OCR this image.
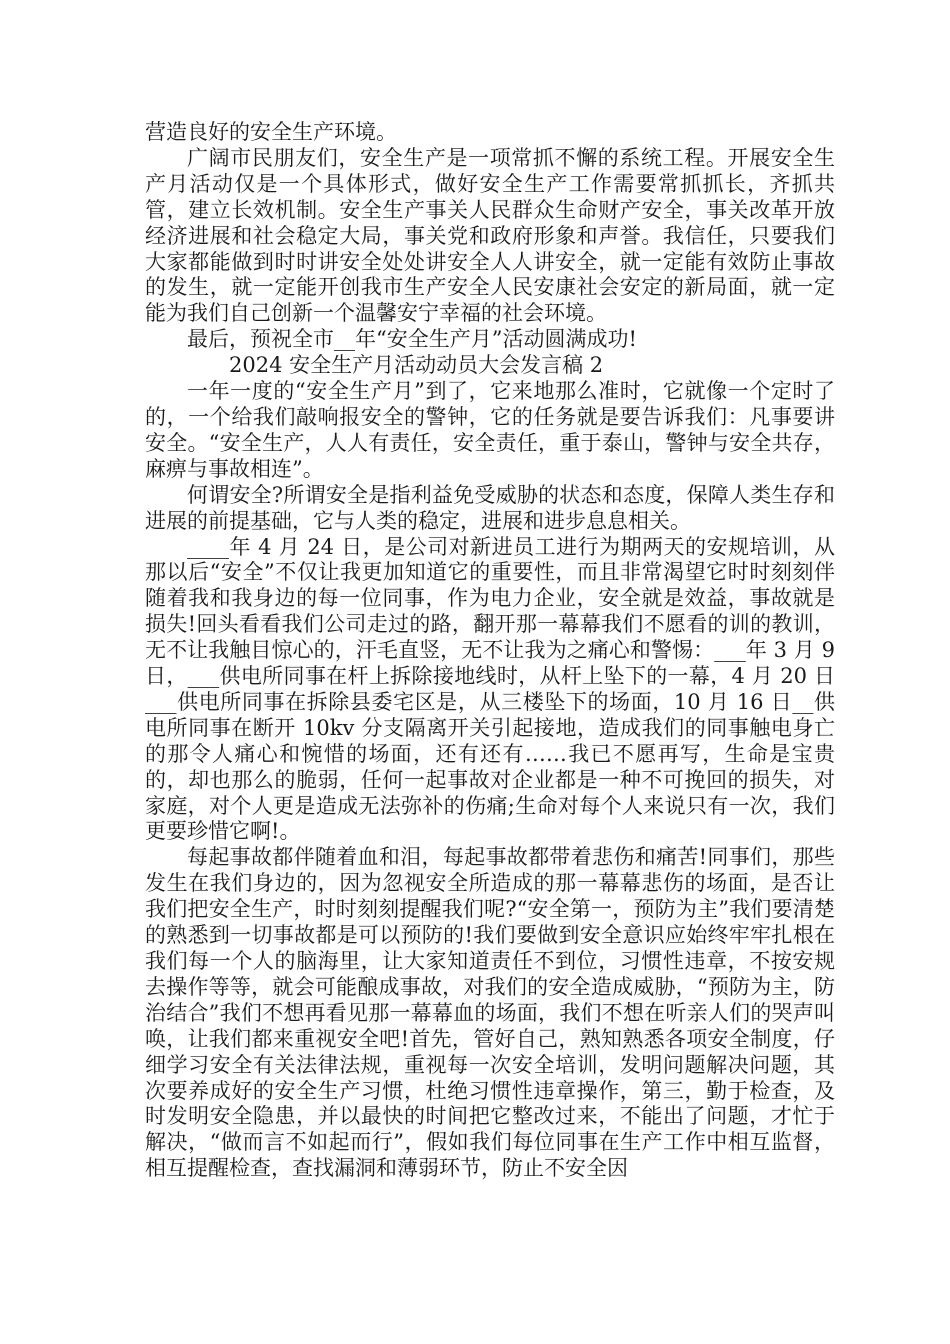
营造良好的安全生产环境。

广阔市民朋友们，安全生产是一项常抓不懈的系统工程。开展安全生产月活动仅是一个具体形式，做好安全生产工作需要常抓抓长，齐抓共管，建立长效机制。安全生产事关人民群众生命财产安全，事关改革开放经济进展和社会稳定大局，事关党和政府形象和声誉。我信任，只要我们大家都能做到时时讲安全处处讲安全人人讲安全，就一定能有效防止事故的发生，就一定能开创我市生产安全人民安康社会安定的新局面，就一定能为我们自己创新一个温馨安宁幸福的社会环境。

最后，预祝全市__年“安全生产月”活动圆满成功!

2024 安全生产月活动动员大会发言稿 2

一年一度的“安全生产月”到了，它来地那么准时，它就像一个定时了的，一个给我们敲响报安全的警钟，它的任务就是要告诉我们：凡事要讲安全。“安全生产，人人有责任，安全责任，重于泰山，警钟与安全共存，麻痹与事故相连”。

何谓安全?所谓安全是指利益免受威胁的状态和态度，保障人类生存和进展的前提基础，它与人类的稳定，进展和进步息息相关。

____年 4 月 24 日，是公司对新进员工进行为期两天的安规培训，从那以后“安全”不仅让我更加知道它的重要性，而且非常渴望它时时刻刻伴随着我和我身边的每一位同事，作为电力企业，安全就是效益，事故就是损失!回头看看我们公司走过的路，翻开那一幕幕我们不愿看的训的教训，无不让我触目惊心的，汗毛直竖，无不让我为之痛心和警惕：___年 3 月 9 日，___供电所同事在杆上拆除接地线时，从杆上坠下的一幕，4 月 20 日___供电所同事在拆除县委宅区是，从三楼坠下的场面，10 月 16 日__供电所同事在断开 10kv 分支隔离开关引起接地，造成我们的同事触电身亡的那令人痛心和惋惜的场面，还有还有……我已不愿再写，生命是宝贵的，却也那么的脆弱，任何一起事故对企业都是一种不可挽回的损失，对家庭，对个人更是造成无法弥补的伤痛;生命对每个人来说只有一次，我们更要珍惜它啊!。

每起事故都伴随着血和泪，每起事故都带着悲伤和痛苦!同事们，那些发生在我们身边的，因为忽视安全所造成的那一幕幕悲伤的场面，是否让我们把安全生产，时时刻刻提醒我们呢?“安全第一，预防为主”我们要清楚的熟悉到一切事故都是可以预防的!我们要做到安全意识应始终牢牢扎根在我们每一个人的脑海里，让大家知道责任不到位，习惯性违章，不按安规去操作等等，就会可能酿成事故，对我们的安全造成威胁，“预防为主，防治结合”我们不想再看见那一幕幕血的场面，我们不想在听亲人们的哭声叫唤，让我们都来重视安全吧!首先，管好自己，熟知熟悉各项安全制度，仔细学习安全有关法律法规，重视每一次安全培训，发明问题解决问题，其次要养成好的安全生产习惯，杜绝习惯性违章操作，第三，勤于检查，及时发明安全隐患，并以最快的时间把它整改过来，不能出了问题，才忙于解决，“做而言不如起而行”，假如我们每位同事在生产工作中相互监督，相互提醒检查，查找漏洞和薄弱环节，防止不安全因
